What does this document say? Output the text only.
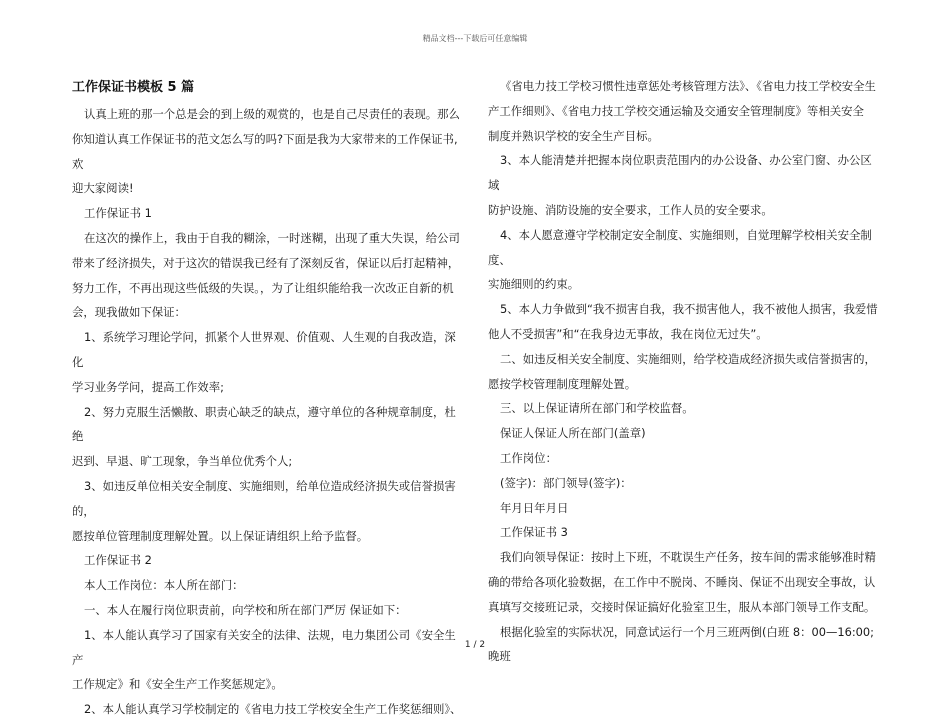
精品文档---下载后可任意编辑
工作保证书模板 5 篇

认真上班的那一个总是会的到上级的观赏的，也是自己尽责任的表现。那么

你知道认真工作保证书的范文怎么写的吗?下面是我为大家带来的工作保证书,欢

迎大家阅读!

工作保证书 1

在这次的操作上，我由于自我的糊涂，一时迷糊，出现了重大失误，给公司

带来了经济损失，对于这次的错误我已经有了深刻反省，保证以后打起精神，

努力工作，不再出现这些低级的失误。，为了让组织能给我一次改正自新的机

会，现我做如下保证：

1、系统学习理论学问，抓紧个人世界观、价值观、人生观的自我改造，深化

学习业务学问，提高工作效率;

2、努力克服生活懒散、职责心缺乏的缺点，遵守单位的各种规章制度，杜绝

迟到、早退、旷工现象，争当单位优秀个人;

3、如违反单位相关安全制度、实施细则，给单位造成经济损失或信誉损害的，

愿按单位管理制度理解处置。以上保证请组织上给予监督。

工作保证书 2

本人工作岗位：本人所在部门：

一、本人在履行岗位职责前，向学校和所在部门严厉 保证如下：

1、本人能认真学习了国家有关安全的法律、法规，电力集团公司《安全生产

工作规定》和《安全生产工作奖惩规定》。

2、本人能认真学习学校制定的《省电力技工学校安全生产工作奖惩细则》、

《省电力技工学校习惯性违章惩处考核管理方法》、《省电力技工学校安全生

产工作细则》、《省电力技工学校交通运输及交通安全管理制度》等相关安全

制度并熟识学校的安全生产目标。

3、本人能清楚并把握本岗位职责范围内的办公设备、办公室门窗、办公区域

防护设施、消防设施的安全要求，工作人员的安全要求。

4、本人愿意遵守学校制定安全制度、实施细则，自觉理解学校相关安全制度、

实施细则的约束。

5、本人力争做到“我不损害自我，我不损害他人，我不被他人损害，我爱惜

他人不受损害”和“在我身边无事故，我在岗位无过失”。

二、如违反相关安全制度、实施细则，给学校造成经济损失或信誉损害的，

愿按学校管理制度理解处置。

三、以上保证请所在部门和学校监督。

保证人保证人所在部门(盖章)

工作岗位：

(签字)：部门领导(签字)：

年月日年月日

工作保证书 3

我们向领导保证：按时上下班，不耽误生产任务，按车间的需求能够准时精

确的带给各项化验数据，在工作中不脱岗、不睡岗、保证不出现安全事故，认

真填写交接班记录，交接时保证搞好化验室卫生，服从本部门领导工作支配。

根据化验室的实际状况，同意试运行一个月三班两倒(白班 8：00—16:00;晚班

1 / 2
